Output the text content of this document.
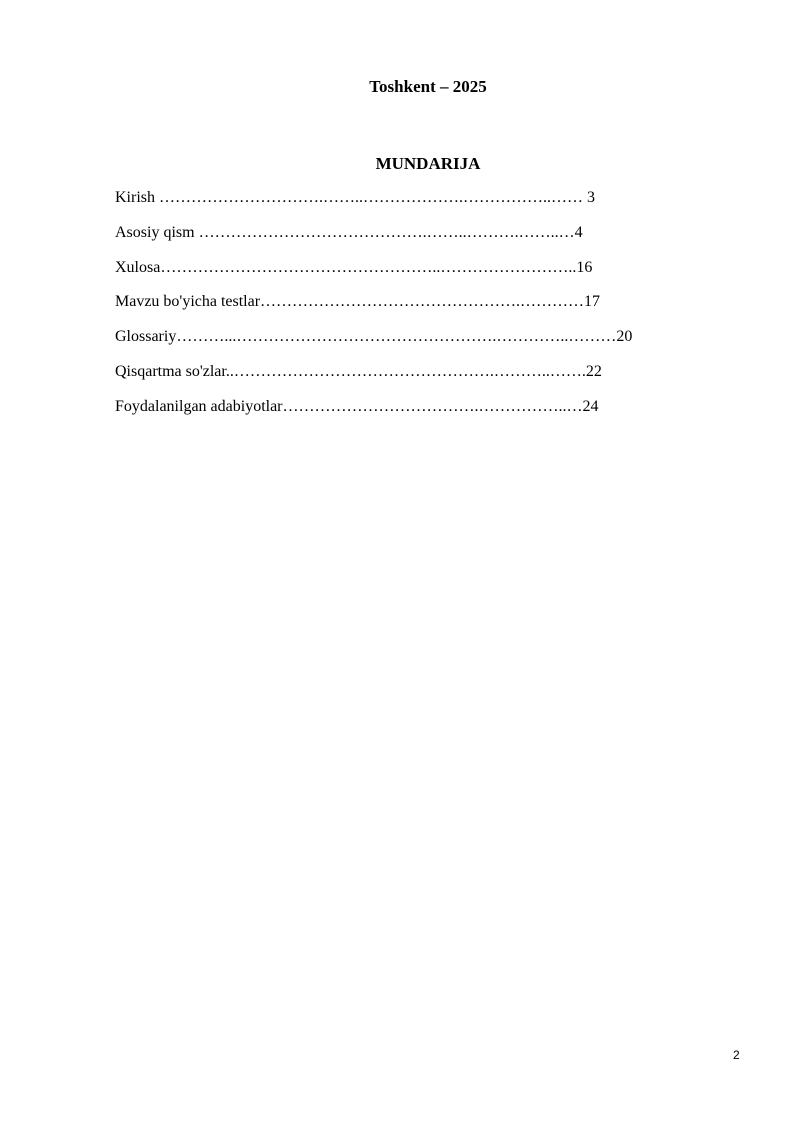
Toshkent – 2025
MUNDARIJA
Kirish ………………………….……..……………….……………..…… 3
Asosiy qism …………………………………….……..……….……..…4
Xulosa……………………………………………..……………………..16
Mavzu bo'yicha testlar………………………………………….…………17
Glossariy………...………………………………………….…………..………20
Qisqartma so'zlar..………………………………………….………..…….22
Foydalanilgan adabiyotlar……………………………….……………..…24
2
